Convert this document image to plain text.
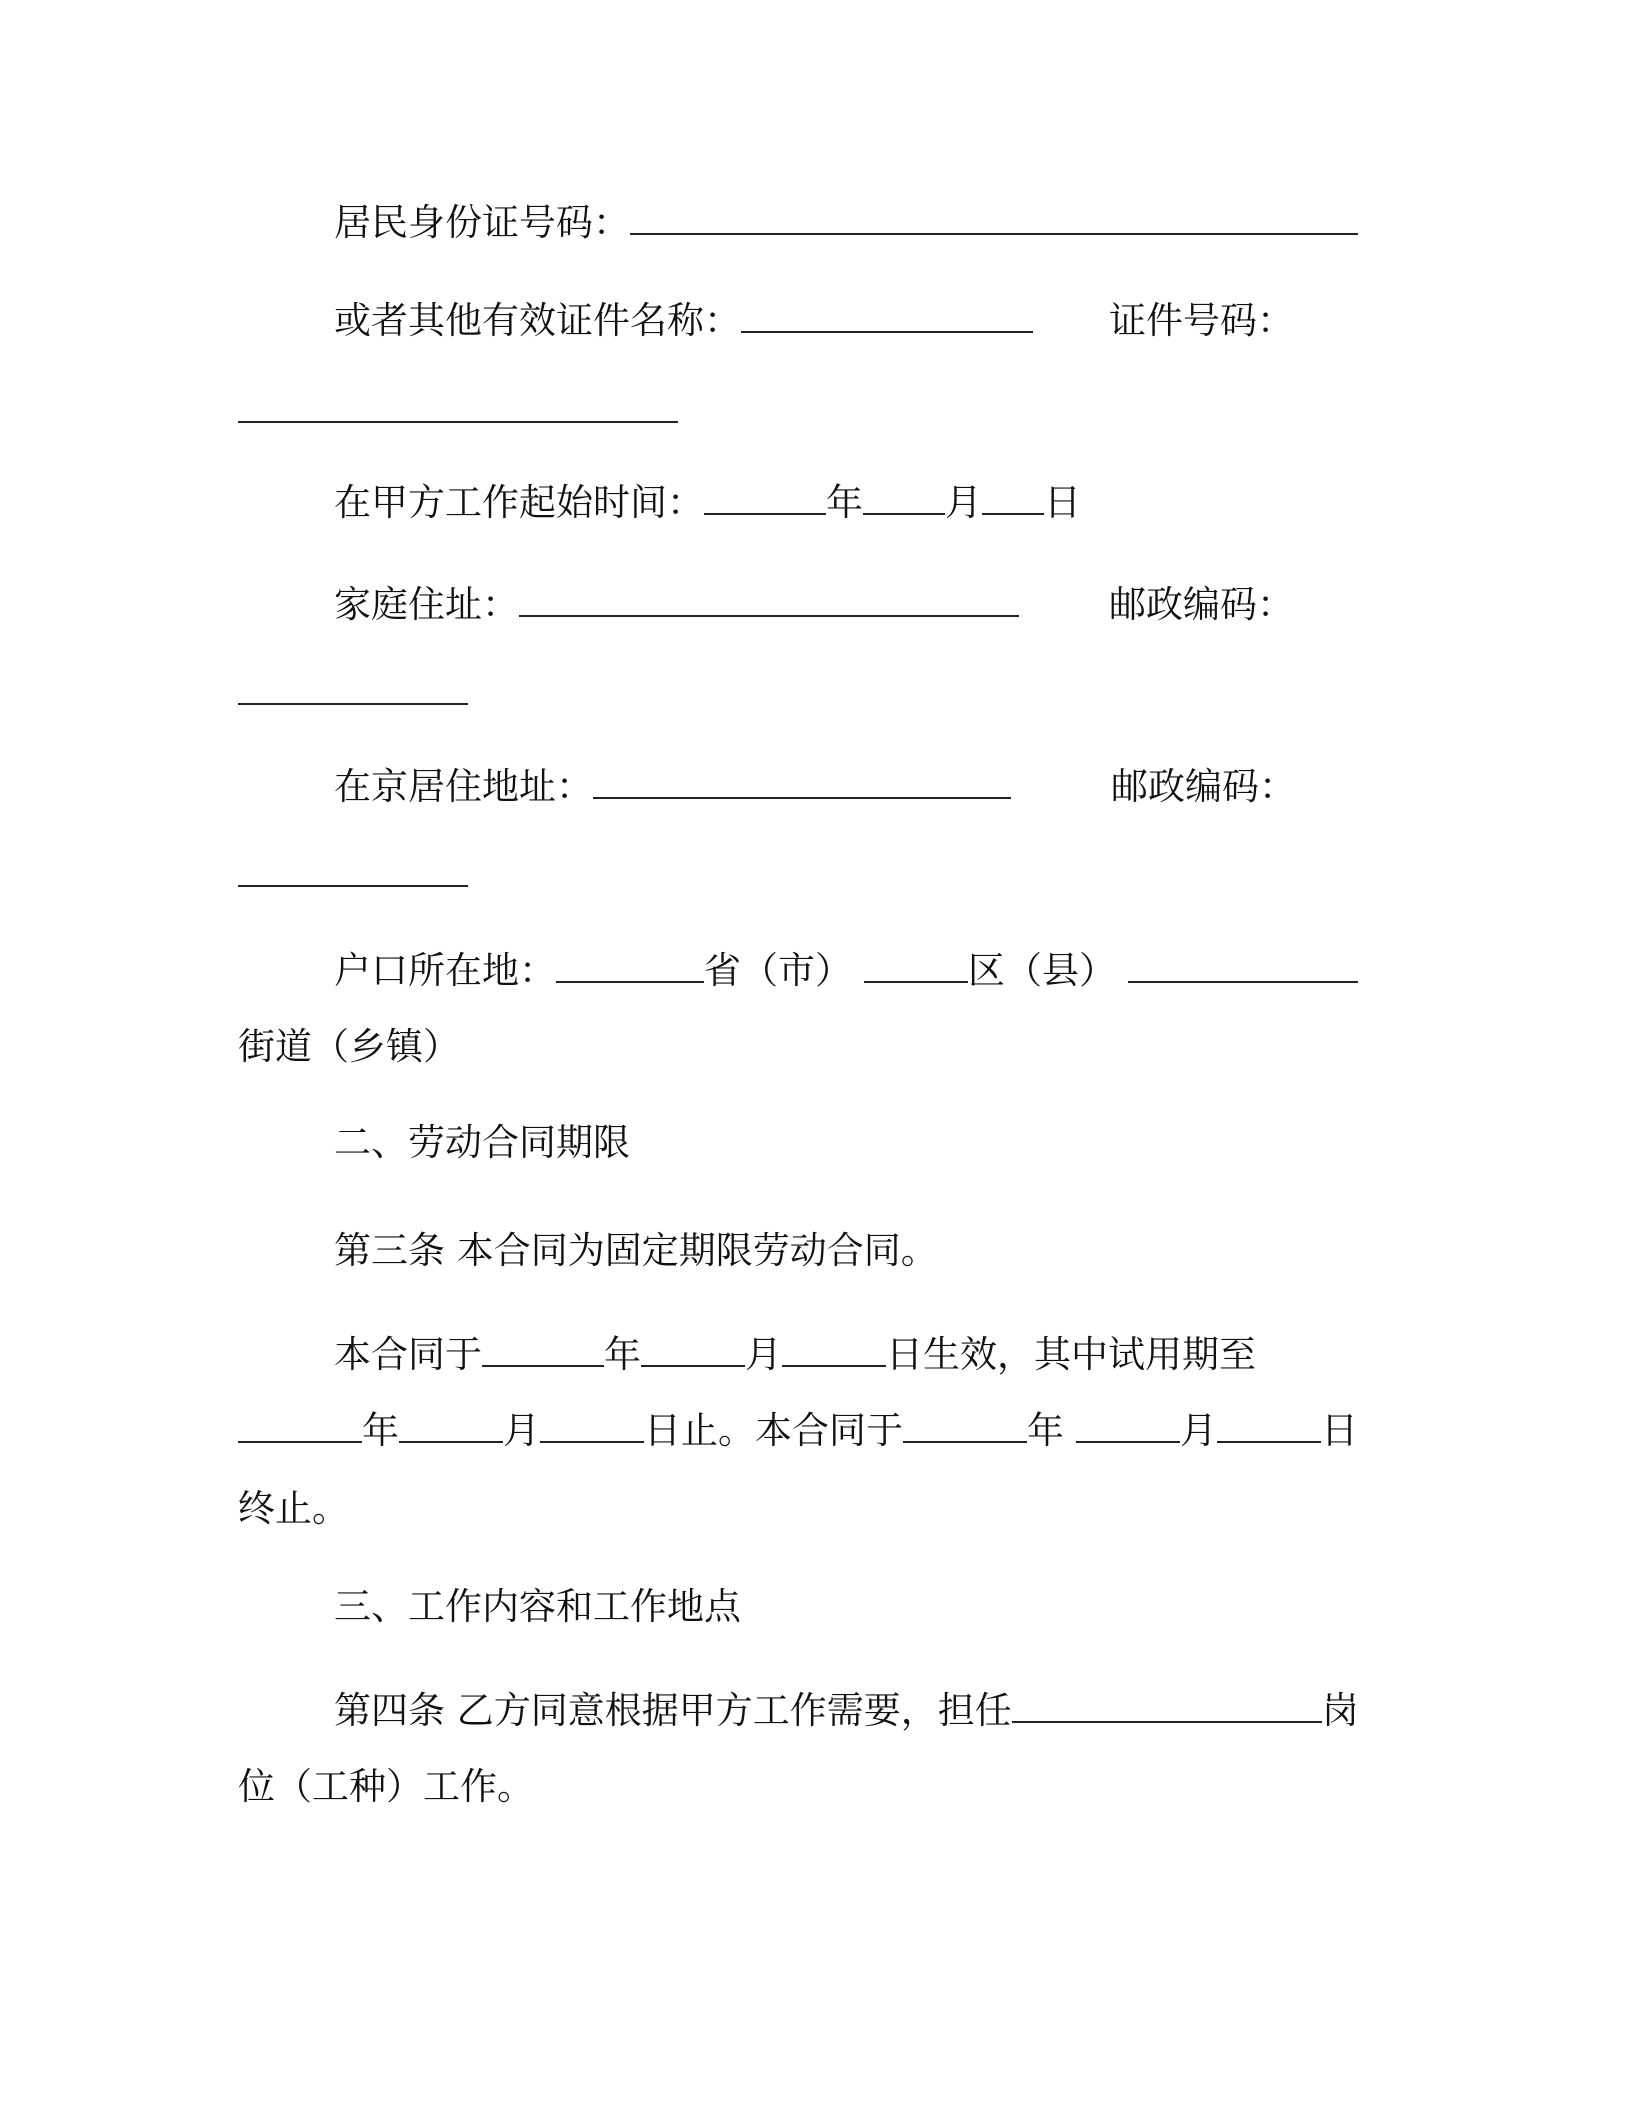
居民身份证号码：
或者其他有效证件名称：	证件号码：
在甲方工作起始时间：	年 月 日
家庭住址：	邮政编码：
在京居住地址：	邮政编码：
户口所在地：	省（市）	区（县）
街道（乡镇）
二、劳动合同期限
第三条 本合同为固定期限劳动合同。
本合同于	年	月	日生效，其中试用期至
年	月	日止。本合同于	年	月	日
终止。
三、工作内容和工作地点
第四条 乙方同意根据甲方工作需要，担任	岗
位（工种）工作。
